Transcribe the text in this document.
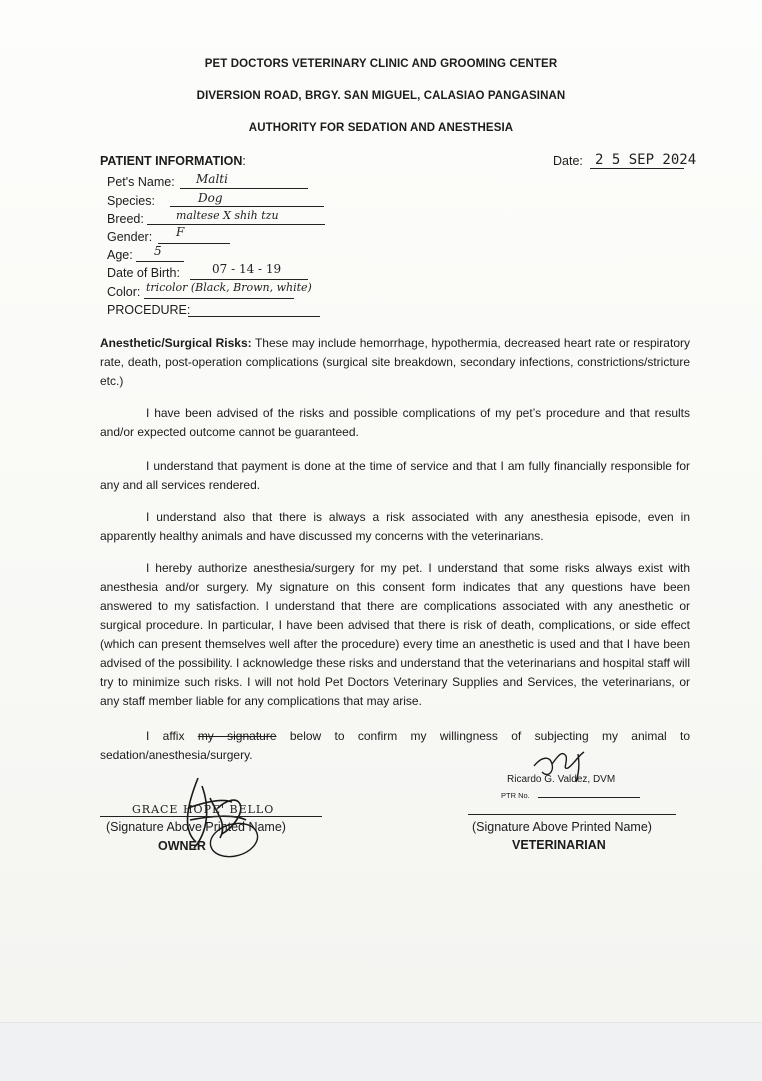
PET DOCTORS VETERINARY CLINIC AND GROOMING CENTER
DIVERSION ROAD, BRGY. SAN MIGUEL, CALASIAO PANGASINAN
AUTHORITY FOR SEDATION AND ANESTHESIA
PATIENT INFORMATION:	Date: 2 5 SEP 2024
Pet's Name: Malti
Species:	Dog
Breed:	maltese X shih tzu
Gender: F
Age: 5
Date of Birth:	07 - 14 - 19
Color: tricolor (Black, Brown, white)
PROCEDURE:
Anesthetic/Surgical Risks: These may include hemorrhage, hypothermia, decreased heart rate or respiratory rate, death, post-operation complications (surgical site breakdown, secondary infections, constrictions/stricture etc.)
I have been advised of the risks and possible complications of my pet’s procedure and that results and/or expected outcome cannot be guaranteed.
I understand that payment is done at the time of service and that I am fully financially responsible for any and all services rendered.
I understand also that there is always a risk associated with any anesthesia episode, even in apparently healthy animals and have discussed my concerns with the veterinarians.
I hereby authorize anesthesia/surgery for my pet. I understand that some risks always exist with anesthesia and/or surgery. My signature on this consent form indicates that any questions have been answered to my satisfaction. I understand that there are complications associated with any anesthetic or surgical procedure. In particular, I have been advised that there is risk of death, complications, or side effect (which can present themselves well after the procedure) every time an anesthetic is used and that I have been advised of the possibility. I acknowledge these risks and understand that the veterinarians and hospital staff will try to minimize such risks. I will not hold Pet Doctors Veterinary Supplies and Services, the veterinarians, or any staff member liable for any complications that may arise.
I affix my signature below to confirm my willingness of subjecting my animal to sedation/anesthesia/surgery.
GRACE HOPE' BELLO
(Signature Above Printed Name)
OWNER
Ricardo G. Valdez, DVM
PTR No.
(Signature Above Printed Name)
VETERINARIAN
